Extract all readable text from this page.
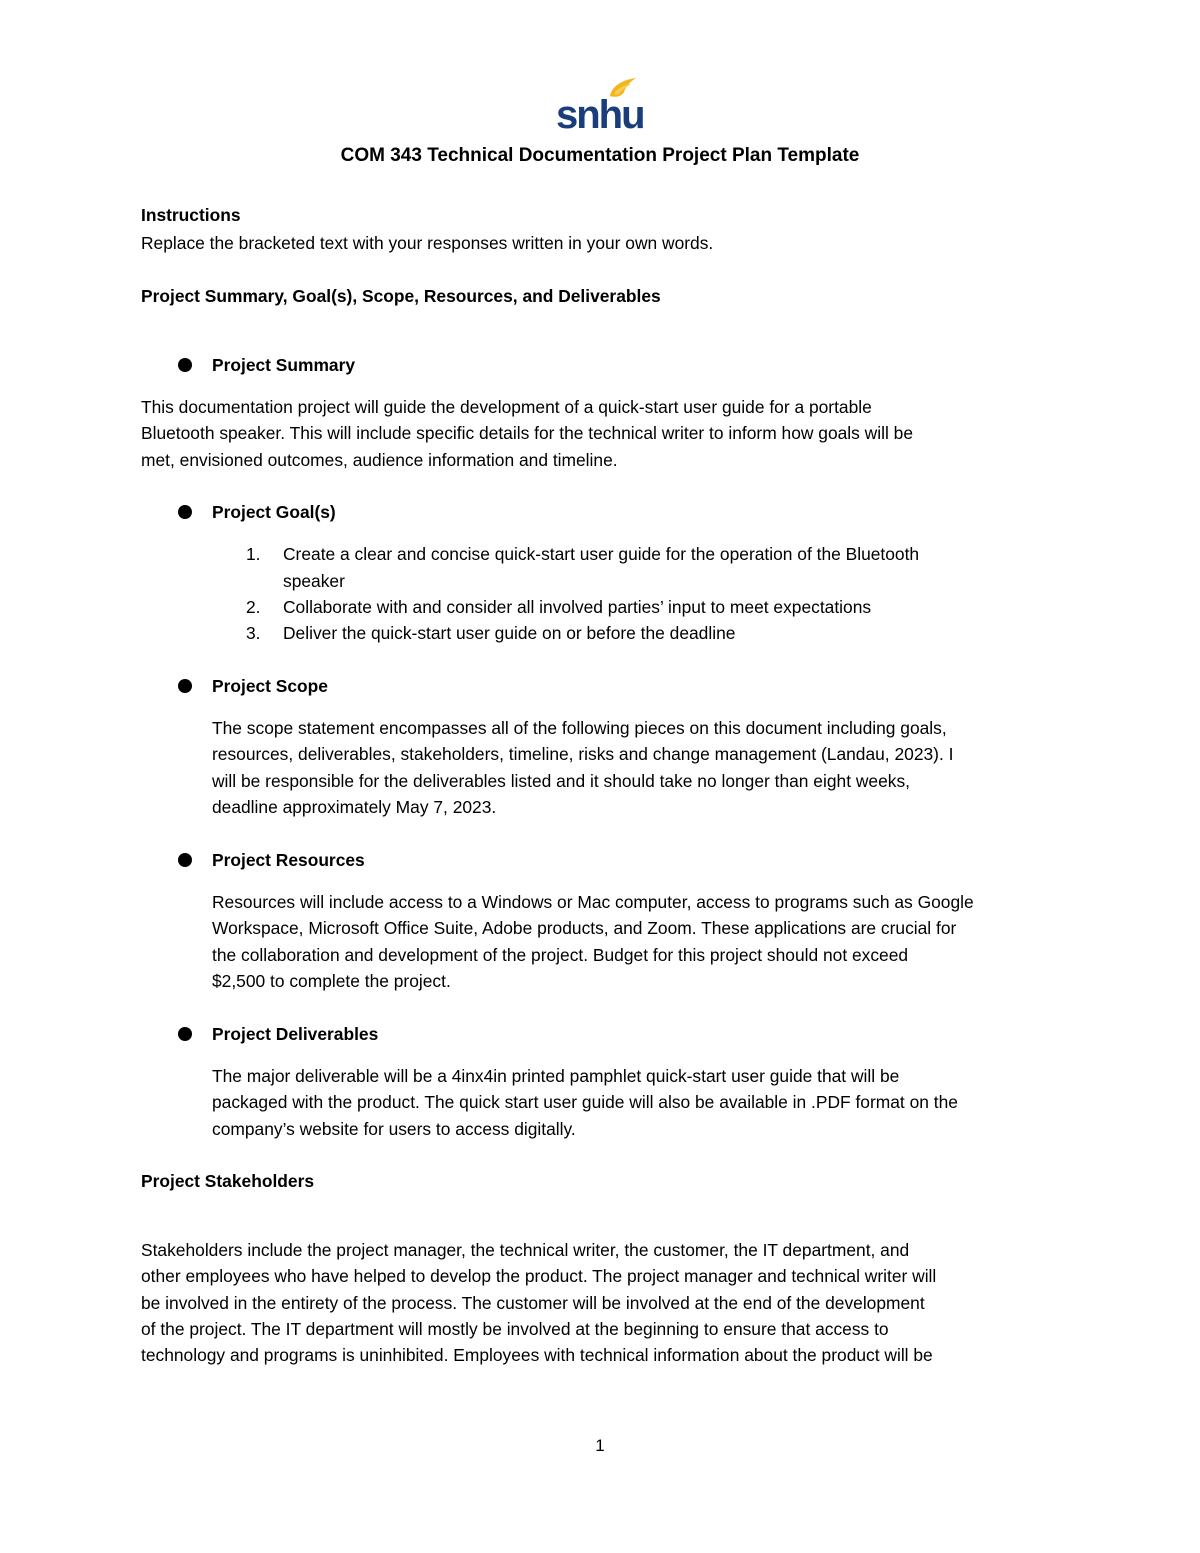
snhu
COM 343 Technical Documentation Project Plan Template
Instructions
Replace the bracketed text with your responses written in your own words.
Project Summary, Goal(s), Scope, Resources, and Deliverables
Project Summary
This documentation project will guide the development of a quick-start user guide for a portable
Bluetooth speaker. This will include specific details for the technical writer to inform how goals will be
met, envisioned outcomes, audience information and timeline.
Project Goal(s)
1. Create a clear and concise quick-start user guide for the operation of the Bluetooth
speaker
2. Collaborate with and consider all involved parties’ input to meet expectations
3. Deliver the quick-start user guide on or before the deadline
Project Scope
The scope statement encompasses all of the following pieces on this document including goals,
resources, deliverables, stakeholders, timeline, risks and change management (Landau, 2023). I
will be responsible for the deliverables listed and it should take no longer than eight weeks,
deadline approximately May 7, 2023.
Project Resources
Resources will include access to a Windows or Mac computer, access to programs such as Google
Workspace, Microsoft Office Suite, Adobe products, and Zoom. These applications are crucial for
the collaboration and development of the project. Budget for this project should not exceed
$2,500 to complete the project.
Project Deliverables
The major deliverable will be a 4inx4in printed pamphlet quick-start user guide that will be
packaged with the product. The quick start user guide will also be available in .PDF format on the
company’s website for users to access digitally.
Project Stakeholders
Stakeholders include the project manager, the technical writer, the customer, the IT department, and
other employees who have helped to develop the product. The project manager and technical writer will
be involved in the entirety of the process. The customer will be involved at the end of the development
of the project. The IT department will mostly be involved at the beginning to ensure that access to
technology and programs is uninhibited. Employees with technical information about the product will be
1
